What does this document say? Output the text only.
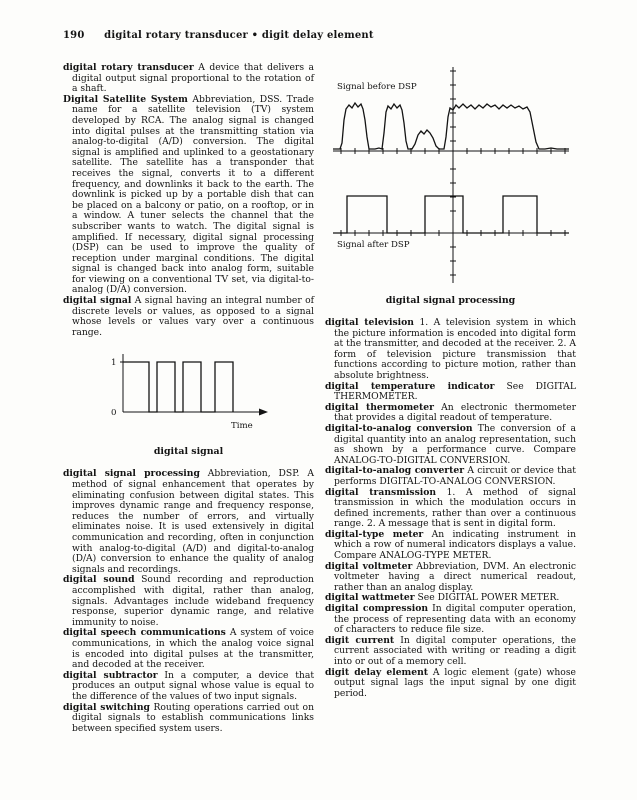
190 digital rotary transducer • digit delay element

digital rotary transducer A device that delivers a digital output signal proportional to the rotation of a shaft.

Digital Satellite System Abbreviation, DSS. Trade name for a satellite television (TV) system developed by RCA. The analog signal is changed into digital pulses at the transmitting station via analog-to-digital (A/D) conversion. The digital signal is amplified and uplinked to a geostationary satellite. The satellite has a transponder that receives the signal, converts it to a different frequency, and downlinks it back to the earth. The downlink is picked up by a portable dish that can be placed on a balcony or patio, on a rooftop, or in a window. A tuner selects the channel that the subscriber wants to watch. The digital signal is amplified. If necessary, digital signal processing (DSP) can be used to improve the quality of reception under marginal conditions. The digital signal is changed back into analog form, suitable for viewing on a conventional TV set, via digital-to-analog (D/A) conversion.

digital signal A signal having an integral number of discrete levels or values, as opposed to a signal whose levels or values vary over a continuous range.

1
0
Time
digital signal

digital signal processing Abbreviation, DSP. A method of signal enhancement that operates by eliminating confusion between digital states. This improves dynamic range and frequency response, reduces the number of errors, and virtually eliminates noise. It is used extensively in digital communication and recording, often in conjunction with analog-to-digital (A/D) and digital-to-analog (D/A) conversion to enhance the quality of analog signals and recordings.

digital sound Sound recording and reproduction accomplished with digital, rather than analog, signals. Advantages include wideband frequency response, superior dynamic range, and relative immunity to noise.

digital speech communications A system of voice communications, in which the analog voice signal is encoded into digital pulses at the transmitter, and decoded at the receiver.

digital subtractor In a computer, a device that produces an output signal whose value is equal to the difference of the values of two input signals.

digital switching Routing operations carried out on digital signals to establish communications links between specified system users.

Signal before DSP
Signal after DSP
digital signal processing

digital television 1. A television system in which the picture information is encoded into digital form at the transmitter, and decoded at the receiver. 2. A form of television picture transmission that functions according to picture motion, rather than absolute brightness.

digital temperature indicator See DIGITAL THERMOMETER.

digital thermometer An electronic thermometer that provides a digital readout of temperature.

digital-to-analog conversion The conversion of a digital quantity into an analog representation, such as shown by a performance curve. Compare ANALOG-TO-DIGITAL CONVERSION.

digital-to-analog converter A circuit or device that performs DIGITAL-TO-ANALOG CONVERSION.

digital transmission 1. A method of signal transmission in which the modulation occurs in defined increments, rather than over a continuous range. 2. A message that is sent in digital form.

digital-type meter An indicating instrument in which a row of numeral indicators displays a value. Compare ANALOG-TYPE METER.

digital voltmeter Abbreviation, DVM. An electronic voltmeter having a direct numerical readout, rather than an analog display.

digital wattmeter See DIGITAL POWER METER.

digital compression In digital computer operation, the process of representing data with an economy of characters to reduce file size.

digit current In digital computer operations, the current associated with writing or reading a digit into or out of a memory cell.

digit delay element A logic element (gate) whose output signal lags the input signal by one digit period.
